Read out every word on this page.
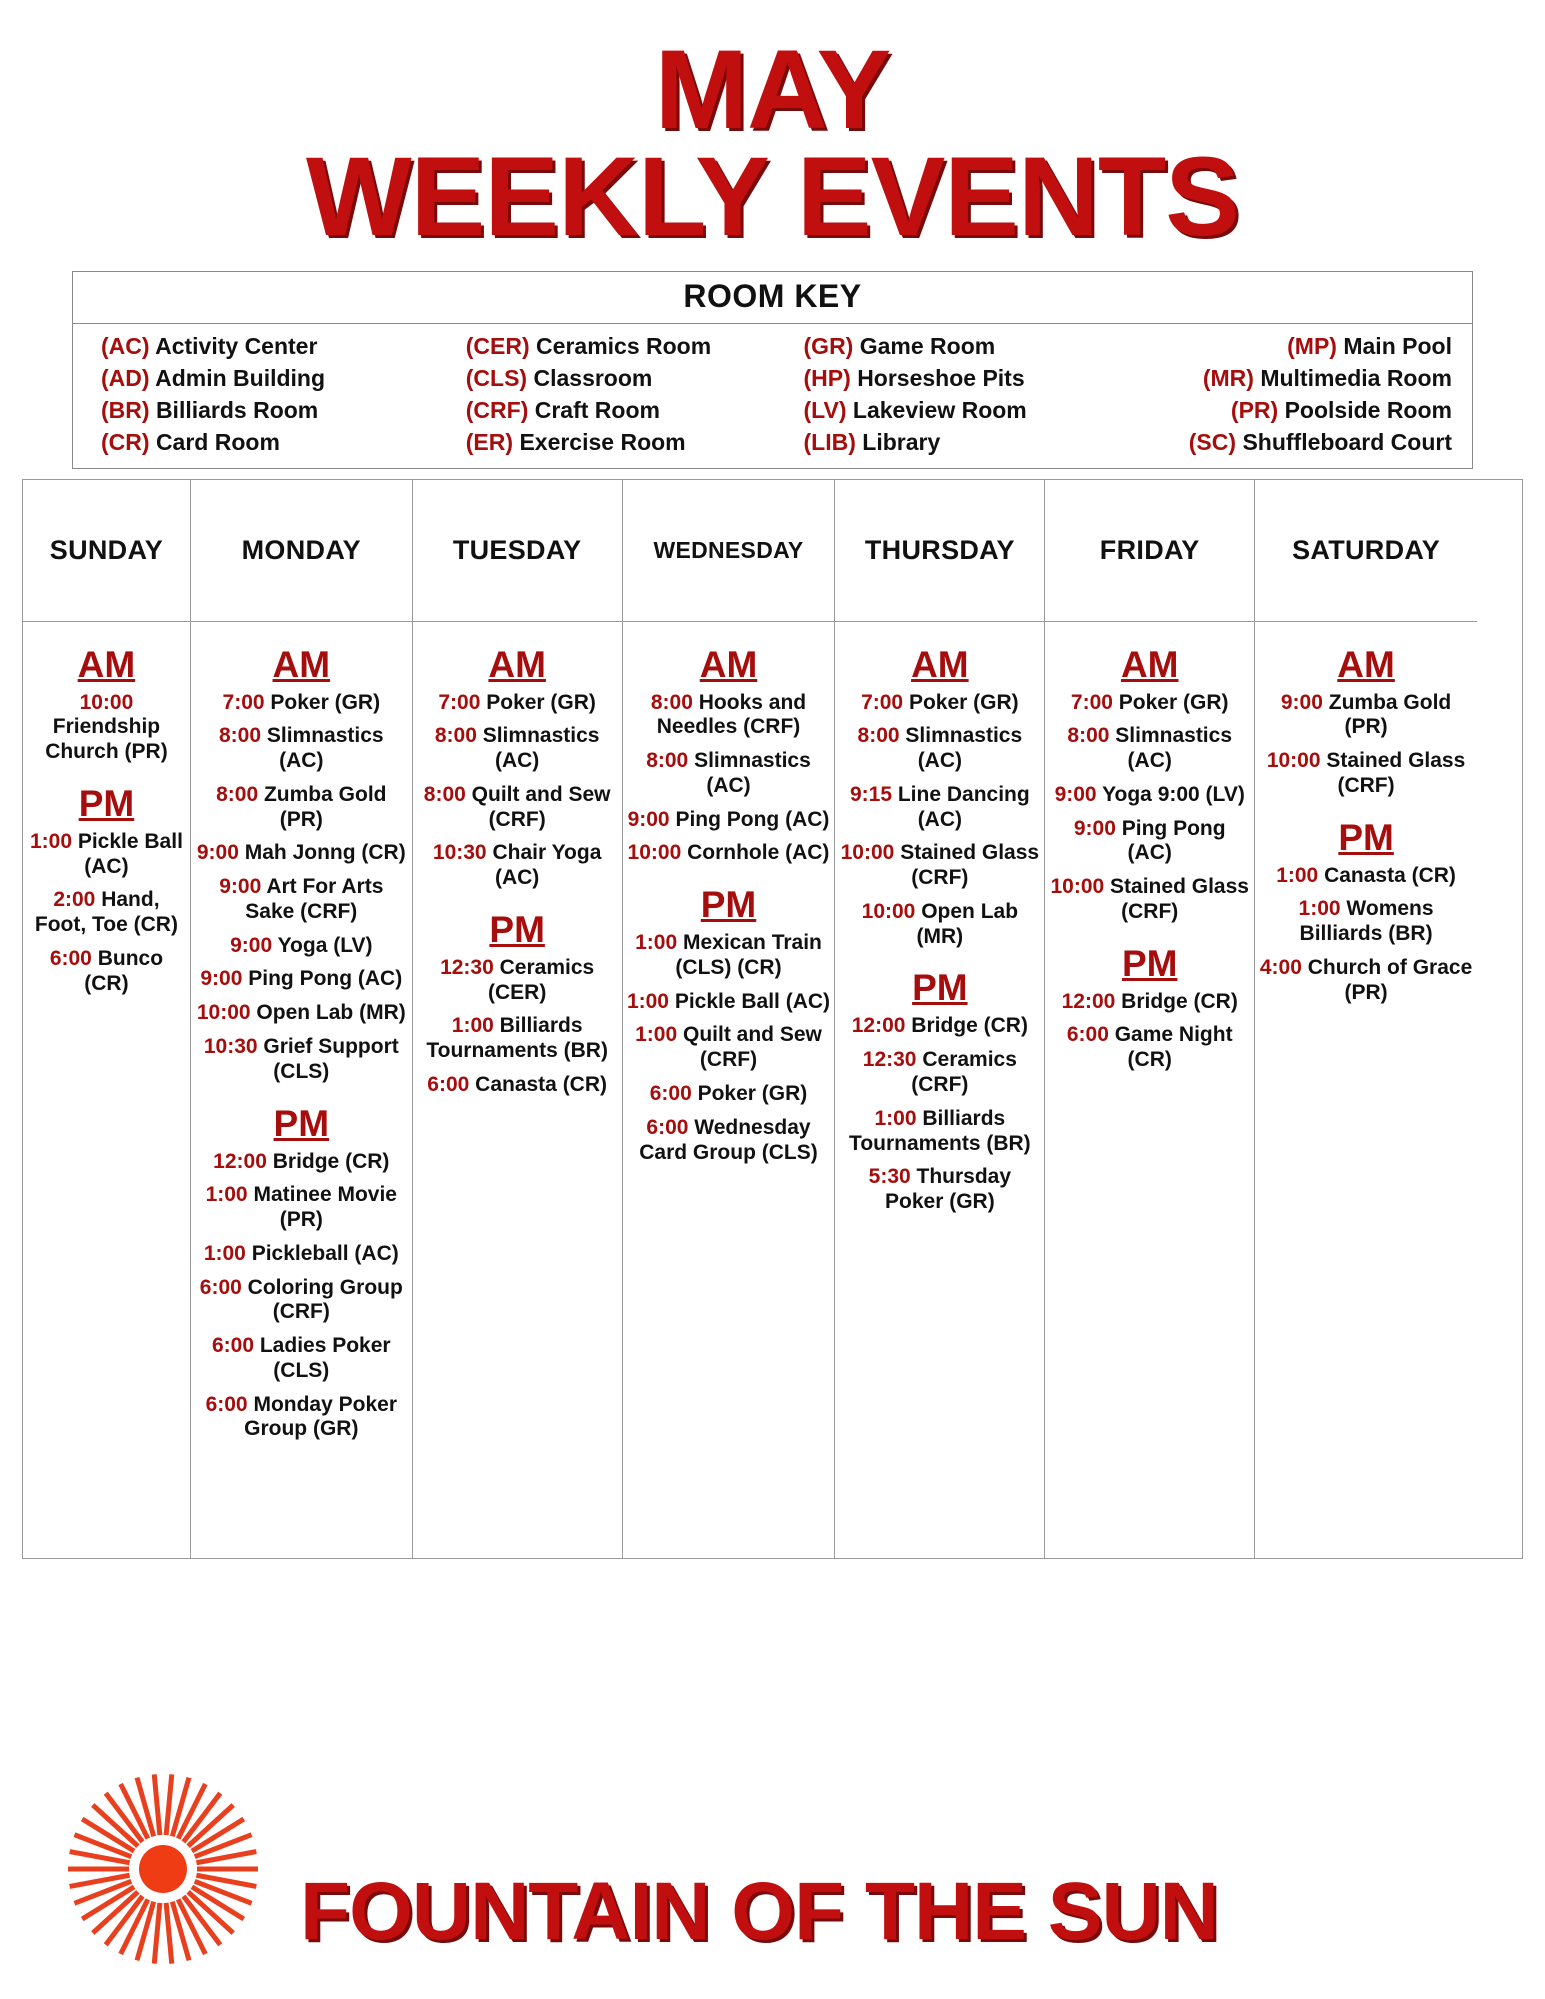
MAY
WEEKLY EVENTS
ROOM KEY
(AC) Activity Center
(AD) Admin Building
(BR) Billiards Room
(CR) Card Room
(CER) Ceramics Room
(CLS) Classroom
(CRF) Craft Room
(ER) Exercise Room
(GR) Game Room
(HP) Horseshoe Pits
(LV) Lakeview Room
(LIB) Library
(MP) Main Pool
(MR) Multimedia Room
(PR) Poolside Room
(SC) Shuffleboard Court
SUNDAY
AM
10:00 Friendship Church (PR)
PM
1:00 Pickle Ball (AC)
2:00 Hand, Foot, Toe (CR)
6:00 Bunco (CR)
MONDAY
AM
7:00 Poker (GR)
8:00 Slimnastics (AC)
8:00 Zumba Gold (PR)
9:00 Mah Jonng (CR)
9:00 Art For Arts Sake (CRF)
9:00 Yoga (LV)
9:00 Ping Pong (AC)
10:00 Open Lab (MR)
10:30 Grief Support (CLS)
PM
12:00 Bridge (CR)
1:00 Matinee Movie (PR)
1:00 Pickleball (AC)
6:00 Coloring Group (CRF)
6:00 Ladies Poker (CLS)
6:00 Monday Poker Group (GR)
TUESDAY
AM
7:00 Poker (GR)
8:00 Slimnastics (AC)
8:00 Quilt and Sew (CRF)
10:30 Chair Yoga (AC)
PM
12:30 Ceramics (CER)
1:00 Billiards Tournaments (BR)
6:00 Canasta (CR)
WEDNESDAY
AM
8:00 Hooks and Needles (CRF)
8:00 Slimnastics (AC)
9:00 Ping Pong (AC)
10:00 Cornhole (AC)
PM
1:00 Mexican Train (CLS) (CR)
1:00 Pickle Ball (AC)
1:00 Quilt and Sew (CRF)
6:00 Poker (GR)
6:00 Wednesday Card Group (CLS)
THURSDAY
AM
7:00 Poker (GR)
8:00 Slimnastics (AC)
9:15 Line Dancing (AC)
10:00 Stained Glass (CRF)
10:00 Open Lab (MR)
PM
12:00 Bridge (CR)
12:30 Ceramics (CRF)
1:00 Billiards Tournaments (BR)
5:30 Thursday Poker (GR)
FRIDAY
AM
7:00 Poker (GR)
8:00 Slimnastics (AC)
9:00 Yoga 9:00 (LV)
9:00 Ping Pong (AC)
10:00 Stained Glass (CRF)
PM
12:00 Bridge (CR)
6:00 Game Night (CR)
SATURDAY
AM
9:00 Zumba Gold (PR)
10:00 Stained Glass (CRF)
PM
1:00 Canasta (CR)
1:00 Womens Billiards (BR)
4:00 Church of Grace (PR)
FOUNTAIN OF THE SUN
